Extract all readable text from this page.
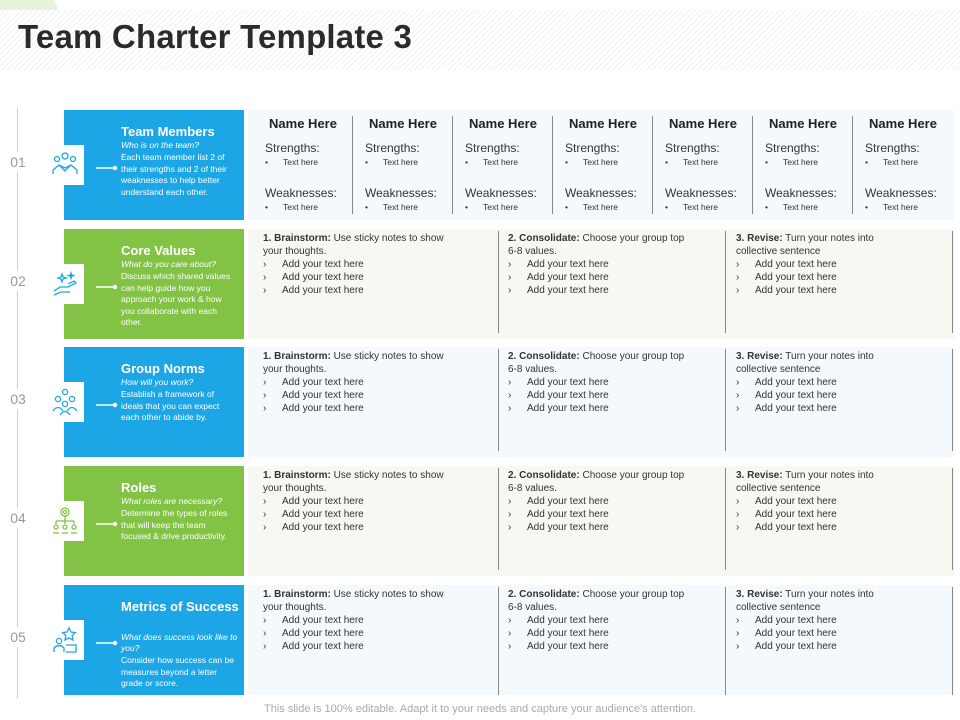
Team Charter Template 3
01
Team Members
Who is on the team?
Each team member list 2 of their strengths and 2 of their weaknesses to help better understand each other.
Name Here
Strengths:
• Text here
Weaknesses:
• Text here
Name Here
Strengths:
• Text here
Weaknesses:
• Text here
Name Here
Strengths:
• Text here
Weaknesses:
• Text here
Name Here
Strengths:
• Text here
Weaknesses:
• Text here
Name Here
Strengths:
• Text here
Weaknesses:
• Text here
Name Here
Strengths:
• Text here
Weaknesses:
• Text here
Name Here
Strengths:
• Text here
Weaknesses:
• Text here
02
Core Values
What do you care about?
Discuss which shared values can help guide how you approach your work & how you collaborate with each other.
1. Brainstorm: Use sticky notes to show your thoughts.
› Add your text here
› Add your text here
› Add your text here
2. Consolidate: Choose your group top 6-8 values.
› Add your text here
› Add your text here
› Add your text here
3. Revise: Turn your notes into collective sentence
› Add your text here
› Add your text here
› Add your text here
03
Group Norms
How will you work?
Establish a framework of ideals that you can expect each other to abide by.
1. Brainstorm: Use sticky notes to show your thoughts.
› Add your text here
› Add your text here
› Add your text here
2. Consolidate: Choose your group top 6-8 values.
› Add your text here
› Add your text here
› Add your text here
3. Revise: Turn your notes into collective sentence
› Add your text here
› Add your text here
› Add your text here
04
Roles
What roles are necessary?
Determine the types of roles that will keep the team focused & drive productivity.
1. Brainstorm: Use sticky notes to show your thoughts.
› Add your text here
› Add your text here
› Add your text here
2. Consolidate: Choose your group top 6-8 values.
› Add your text here
› Add your text here
› Add your text here
3. Revise: Turn your notes into collective sentence
› Add your text here
› Add your text here
› Add your text here
05
Metrics of Success
What does success look like to you?
Consider how success can be measures beyond a letter grade or score.
1. Brainstorm: Use sticky notes to show your thoughts.
› Add your text here
› Add your text here
› Add your text here
2. Consolidate: Choose your group top 6-8 values.
› Add your text here
› Add your text here
› Add your text here
3. Revise: Turn your notes into collective sentence
› Add your text here
› Add your text here
› Add your text here
This slide is 100% editable. Adapt it to your needs and capture your audience's attention.
